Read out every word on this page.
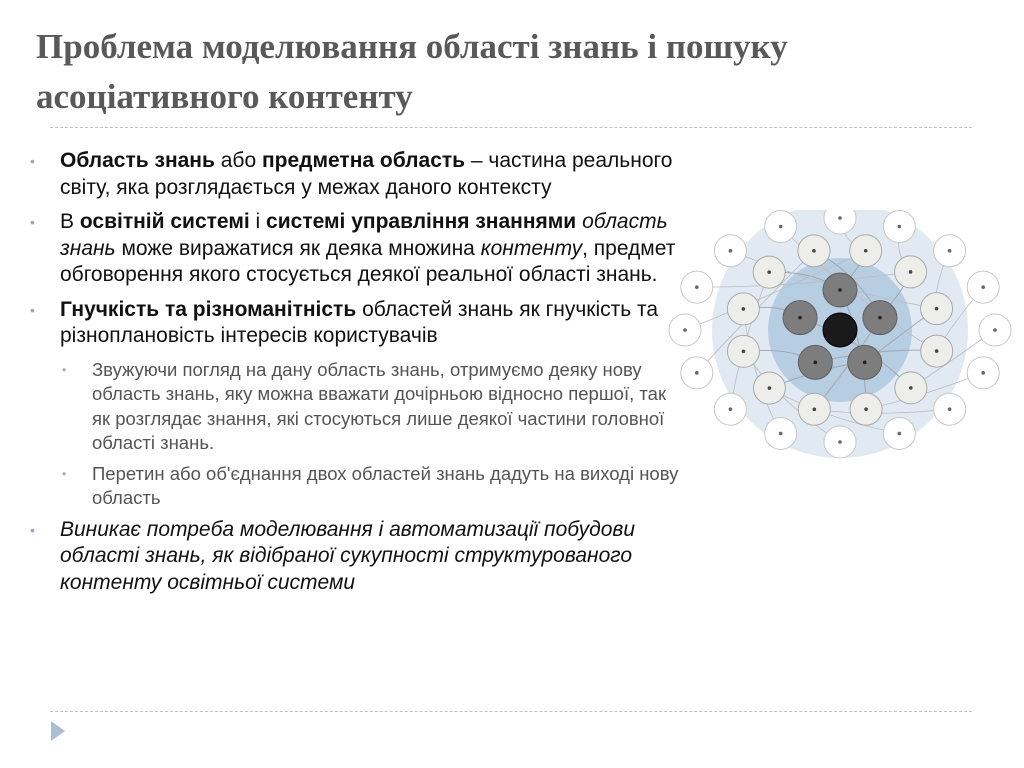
Проблема моделювання області знань і пошуку асоціативного контенту
• Область знань або предметна область – частина реального світу, яка розглядається у межах даного контексту
• В освітній системі і системі управління знаннями область знань може виражатися як деяка множина контенту, предмет обговорення якого стосується деякої реальної області знань.
• Гнучкість та різноманітність областей знань як гнучкість та різноплановість інтересів користувачів
• Звужуючи погляд на дану область знань, отримуємо деяку нову область знань, яку можна вважати дочірньою відносно першої, так як розглядає знання, які стосуються лише деякої частини головної області знань.
• Перетин або об'єднання двох областей знань дадуть на виході нову область
• Виникає потреба моделювання і автоматизації побудови області знань, як відібраної сукупності структурованого контенту освітньої системи
